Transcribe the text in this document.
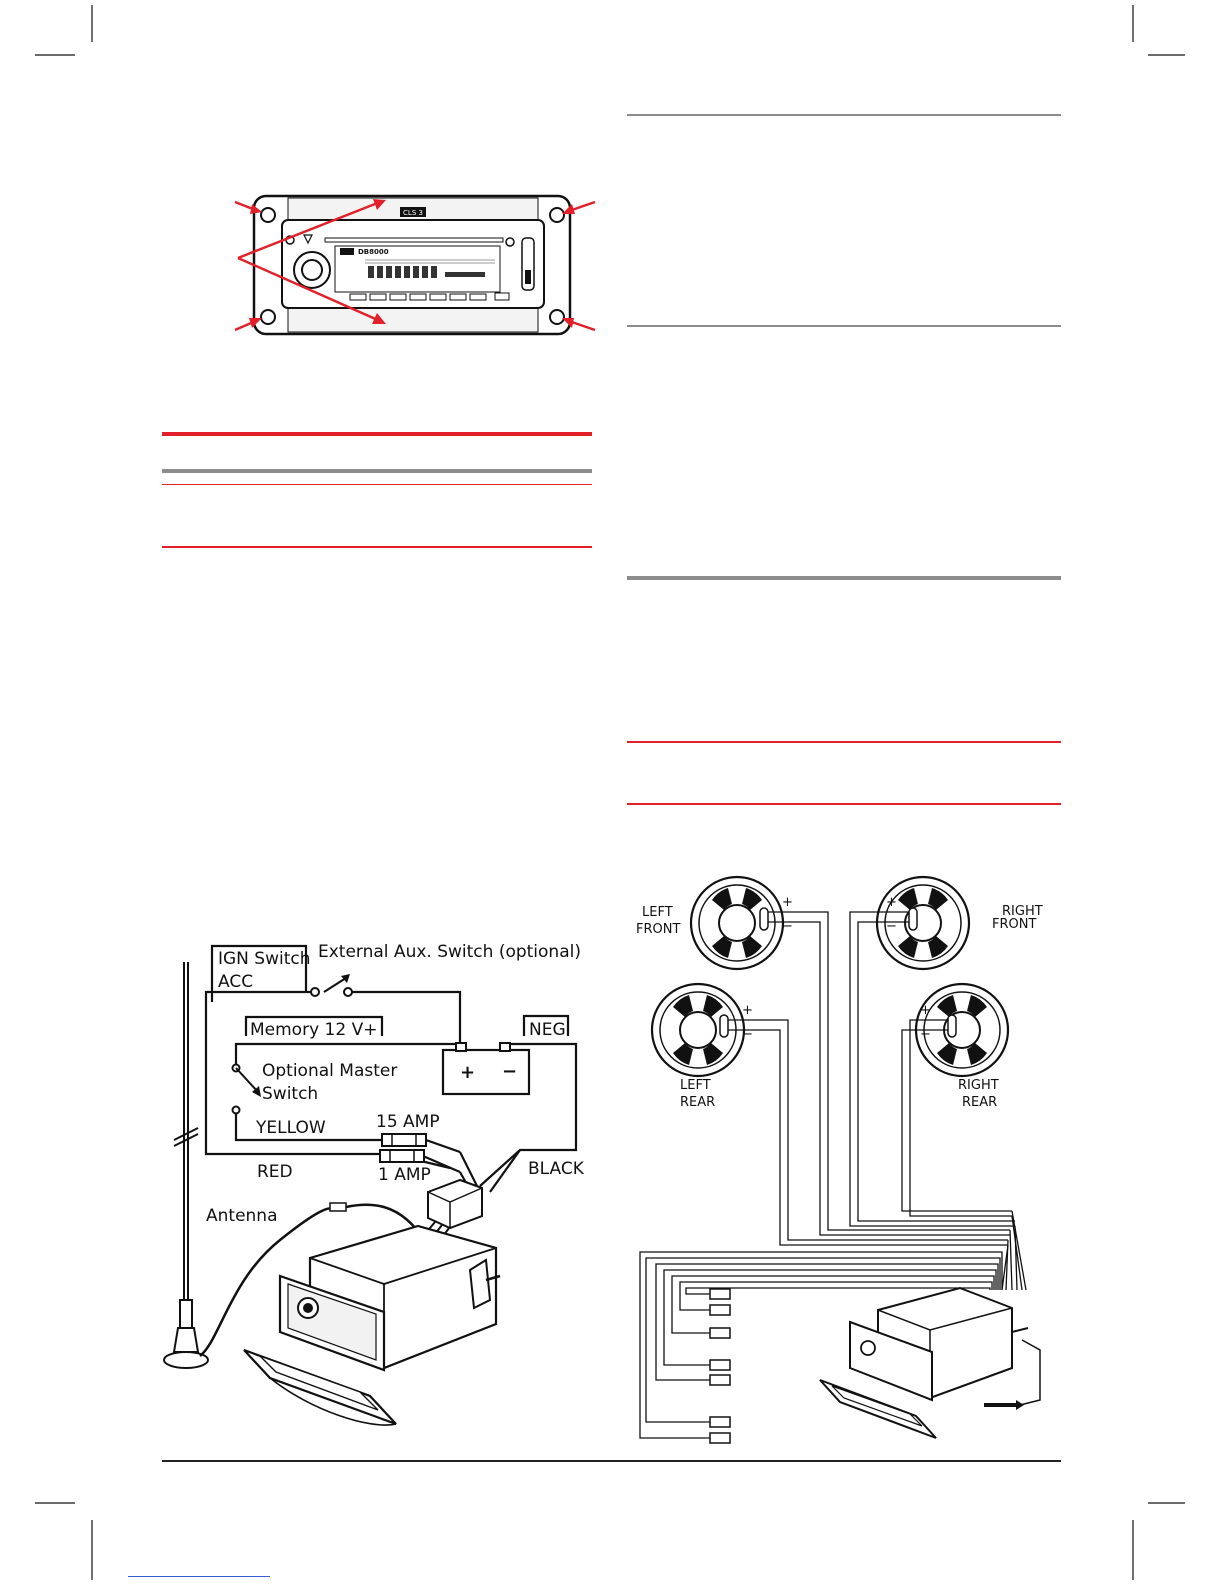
CLS 3
DB8000
+ −
IGN Switch
ACC
External Aux. Switch (optional)
Memory 12 V+	NEG
Optional Master
Switch
YELLOW	15 AMP
RED	1 AMP	BLACK
Antenna
+
−
+
−
+
−
+
−
LEFT
FRONT
RIGHT
FRONT
LEFT
REAR
RIGHT
REAR
